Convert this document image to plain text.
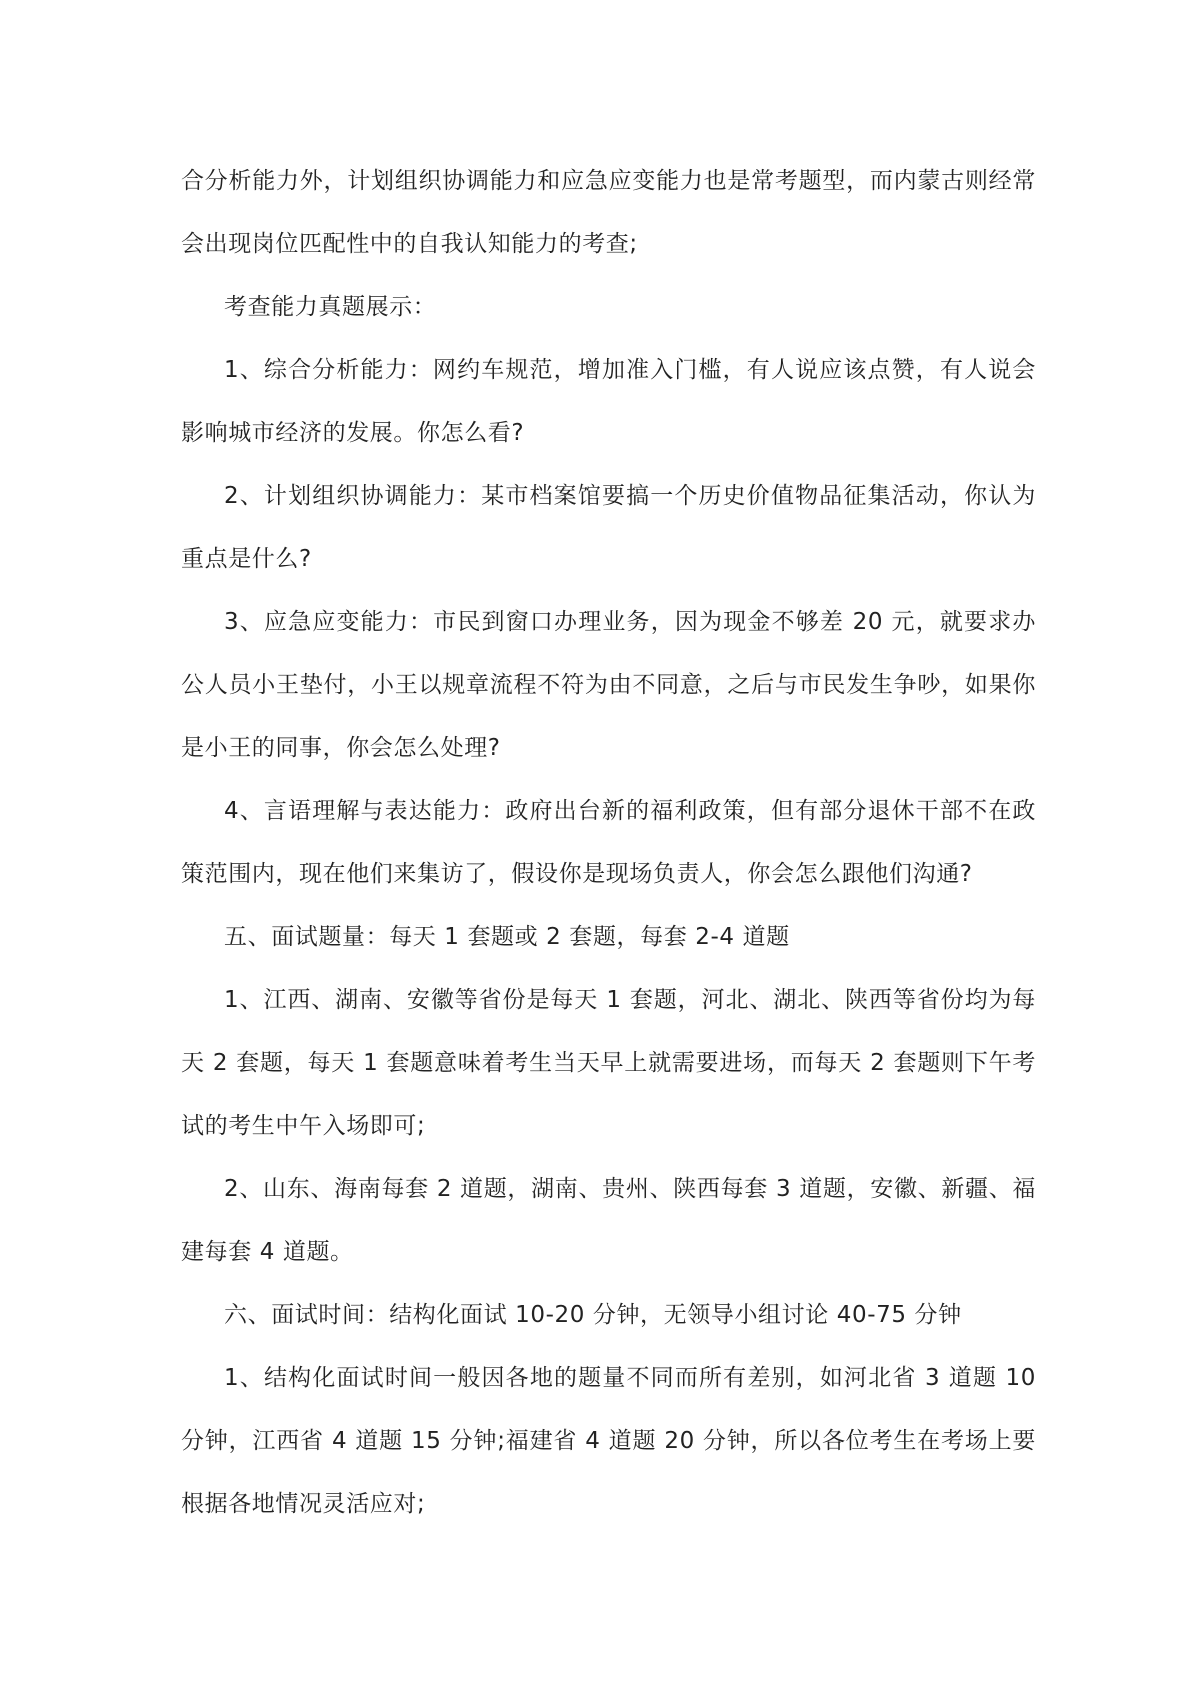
合分析能力外，计划组织协调能力和应急应变能力也是常考题型，而内蒙古则经常会出现岗位匹配性中的自我认知能力的考查;

考查能力真题展示：

1、综合分析能力：网约车规范，增加准入门槛，有人说应该点赞，有人说会影响城市经济的发展。你怎么看?

2、计划组织协调能力：某市档案馆要搞一个历史价值物品征集活动，你认为重点是什么?

3、应急应变能力：市民到窗口办理业务，因为现金不够差 20 元，就要求办公人员小王垫付，小王以规章流程不符为由不同意，之后与市民发生争吵，如果你是小王的同事，你会怎么处理?

4、言语理解与表达能力：政府出台新的福利政策，但有部分退休干部不在政策范围内，现在他们来集访了，假设你是现场负责人，你会怎么跟他们沟通?

五、面试题量：每天 1 套题或 2 套题，每套 2-4 道题

1、江西、湖南、安徽等省份是每天 1 套题，河北、湖北、陕西等省份均为每天 2 套题，每天 1 套题意味着考生当天早上就需要进场，而每天 2 套题则下午考试的考生中午入场即可;

2、山东、海南每套 2 道题，湖南、贵州、陕西每套 3 道题，安徽、新疆、福建每套 4 道题。

六、面试时间：结构化面试 10-20 分钟，无领导小组讨论 40-75 分钟

1、结构化面试时间一般因各地的题量不同而所有差别，如河北省 3 道题 10 分钟，江西省 4 道题 15 分钟;福建省 4 道题 20 分钟，所以各位考生在考场上要根据各地情况灵活应对;
